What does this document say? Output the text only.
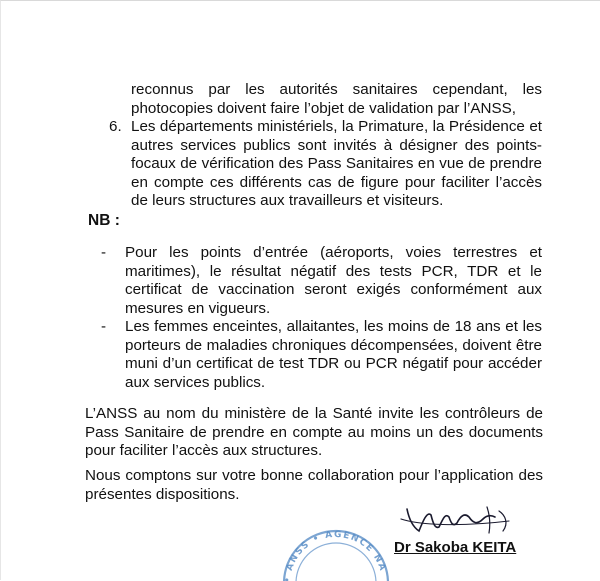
reconnus par les autorités sanitaires cependant, les
photocopies doivent faire l’objet de validation par l’ANSS,
6. Les départements ministériels, la Primature, la Présidence et autres services publics sont invités à désigner des points-focaux de vérification des Pass Sanitaires en vue de prendre en compte ces différents cas de figure pour faciliter l’accès de leurs structures aux travailleurs et visiteurs.
NB :
-	Pour les points d’entrée (aéroports, voies terrestres et maritimes), le résultat négatif des tests PCR, TDR et le certificat de vaccination seront exigés conformément aux mesures en vigueurs.
-	Les femmes enceintes, allaitantes, les moins de 18 ans et les porteurs de maladies chroniques décompensées, doivent être muni d’un certificat de test TDR ou PCR négatif pour accéder aux services publics.
L’ANSS au nom du ministère de la Santé invite les contrôleurs de Pass Sanitaire de prendre en compte au moins un des documents pour faciliter l’accès aux structures.
Nous comptons sur votre bonne collaboration pour l’application des présentes dispositions.
Dr Sakoba KEITA
• ANSS • AGENCE NA
